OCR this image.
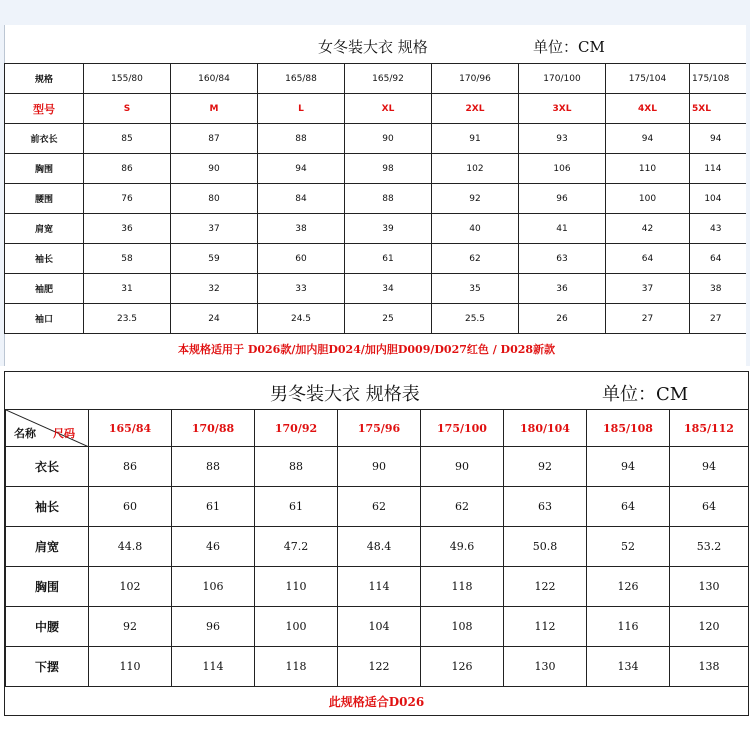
女冬装大衣 规格	单位：CM
规格	155/80	160/84	165/88	165/92	170/96	170/100	175/104	175/108
型号	S	M	L	XL	2XL	3XL	4XL	5XL
前衣长	85	87	88	90	91	93	94	94
胸围	86	90	94	98	102	106	110	114
腰围	76	80	84	88	92	96	100	104
肩宽	36	37	38	39	40	41	42	43
袖长	58	59	60	61	62	63	64	64
袖肥	31	32	33	34	35	36	37	38
袖口	23.5	24	24.5	25	25.5	26	27	27
本规格适用于 D026款/加内胆D024/加内胆D009/D027红色 / D028新款
男冬装大衣 规格表	单位：CM
名称 尺码	165/84	170/88	170/92	175/96	175/100	180/104	185/108	185/112
衣长	86	88	88	90	90	92	94	94
袖长	60	61	61	62	62	63	64	64
肩宽	44.8	46	47.2	48.4	49.6	50.8	52	53.2
胸围	102	106	110	114	118	122	126	130
中腰	92	96	100	104	108	112	116	120
下摆	110	114	118	122	126	130	134	138
此规格适合D026
